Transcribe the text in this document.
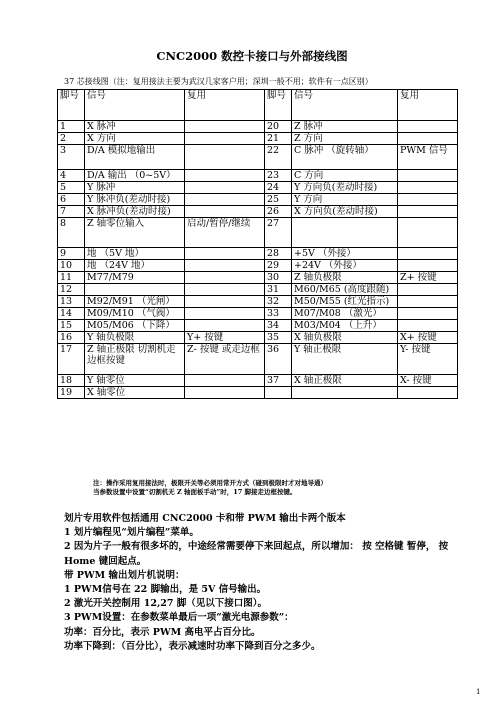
CNC2000 数控卡接口与外部接线图
37 芯接线图（注：复用接法主要为武汉几家客户用；深圳一般不用；软件有一点区别）
脚号	信号	复用	脚号	信号	复用
1	X 脉冲		20	Z 脉冲	
2	X 方向		21	Z 方向	
3	D/A 模拟地输出		22	C 脉冲 （旋转轴）	PWM 信号
4	D/A 输出 （0~5V）		23	C 方向	
5	Y 脉冲		24	Y 方向负(差动时接)	
6	Y 脉冲负(差动时接)		25	Y 方向	
7	X 脉冲负(差动时接)		26	X 方向负(差动时接)	
8	Z 轴零位输入	启动/暂停/继续	27		
9	地 （5V 地）		28	+5V （外接）	
10	地 （24V 地）		29	+24V （外接）	
11	M77/M79		30	Z 轴负极限	Z+ 按键
12			31	M60/M65 (高度跟随)	
13	M92/M91 （光闸）		32	M50/M55 (红光指示)	
14	M09/M10 （气阀）		33	M07/M08 （激光）	
15	M05/M06 （下降）		34	M03/M04 （上升）	
16	Y 轴负极限	Y+ 按键	35	X 轴负极限	X+ 按键
17	Z 轴正极限 切割机走边框按键	Z- 按键 或走边框	36	Y 轴正极限	Y- 按键
18	Y 轴零位		37	X 轴正极限	X- 按键
19	X 轴零位				
注：操作采用复用接法时，极限开关等必须用常开方式（碰到极限时才对地导通）
当参数设置中设置“切割机无 Z 轴面板手动”时，17 脚接走边框按键。

划片专用软件包括通用 CNC2000 卡和带 PWM 输出卡两个版本

1 划片编程见“划片编程”菜单。

2 因为片子一般有很多坏的，中途经常需要停下来回起点，所以增加： 按 空格键 暂停， 按 Home 键回起点。

带 PWM 输出划片机说明：

1 PWM信号在 22 脚输出，是 5V 信号输出。

2 激光开关控制用 12,27 脚（见以下接口图）。

3 PWM设置：在参数菜单最后一项“激光电源参数”：

功率：百分比，表示 PWM 高电平占百分比。

功率下降到：（百分比），表示减速时功率下降到百分之多少。

1
